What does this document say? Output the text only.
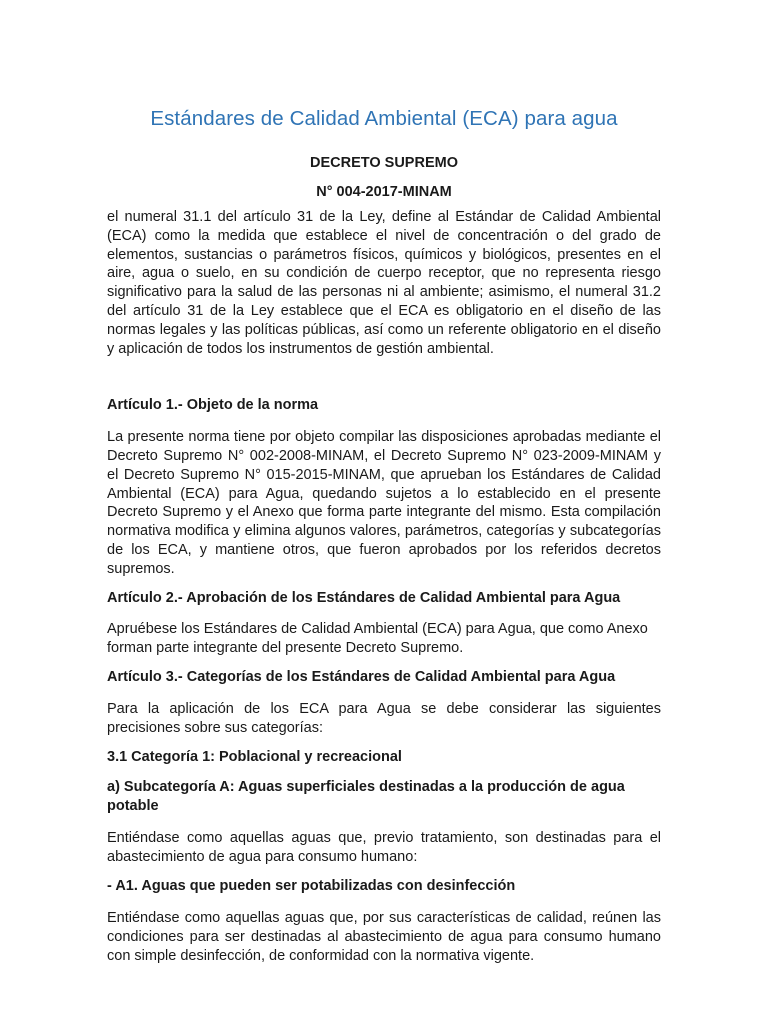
Estándares de Calidad Ambiental (ECA) para agua

DECRETO SUPREMO

N° 004-2017-MINAM

el numeral 31.1 del artículo 31 de la Ley, define al Estándar de Calidad Ambiental (ECA) como la medida que establece el nivel de concentración o del grado de elementos, sustancias o parámetros físicos, químicos y biológicos, presentes en el aire, agua o suelo, en su condición de cuerpo receptor, que no representa riesgo significativo para la salud de las personas ni al ambiente; asimismo, el numeral 31.2 del artículo 31 de la Ley establece que el ECA es obligatorio en el diseño de las normas legales y las políticas públicas, así como un referente obligatorio en el diseño y aplicación de todos los instrumentos de gestión ambiental.

Artículo 1.- Objeto de la norma

La presente norma tiene por objeto compilar las disposiciones aprobadas mediante el Decreto Supremo N° 002-2008-MINAM, el Decreto Supremo N° 023-2009-MINAM y el Decreto Supremo N° 015-2015-MINAM, que aprueban los Estándares de Calidad Ambiental (ECA) para Agua, quedando sujetos a lo establecido en el presente Decreto Supremo y el Anexo que forma parte integrante del mismo. Esta compilación normativa modifica y elimina algunos valores, parámetros, categorías y subcategorías de los ECA, y mantiene otros, que fueron aprobados por los referidos decretos supremos.

Artículo 2.- Aprobación de los Estándares de Calidad Ambiental para Agua

Apruébese los Estándares de Calidad Ambiental (ECA) para Agua, que como Anexo forman parte integrante del presente Decreto Supremo.

Artículo 3.- Categorías de los Estándares de Calidad Ambiental para Agua

Para la aplicación de los ECA para Agua se debe considerar las siguientes precisiones sobre sus categorías:

3.1 Categoría 1: Poblacional y recreacional

a) Subcategoría A: Aguas superficiales destinadas a la producción de agua potable

Entiéndase como aquellas aguas que, previo tratamiento, son destinadas para el abastecimiento de agua para consumo humano:

- A1. Aguas que pueden ser potabilizadas con desinfección

Entiéndase como aquellas aguas que, por sus características de calidad, reúnen las condiciones para ser destinadas al abastecimiento de agua para consumo humano con simple desinfección, de conformidad con la normativa vigente.
